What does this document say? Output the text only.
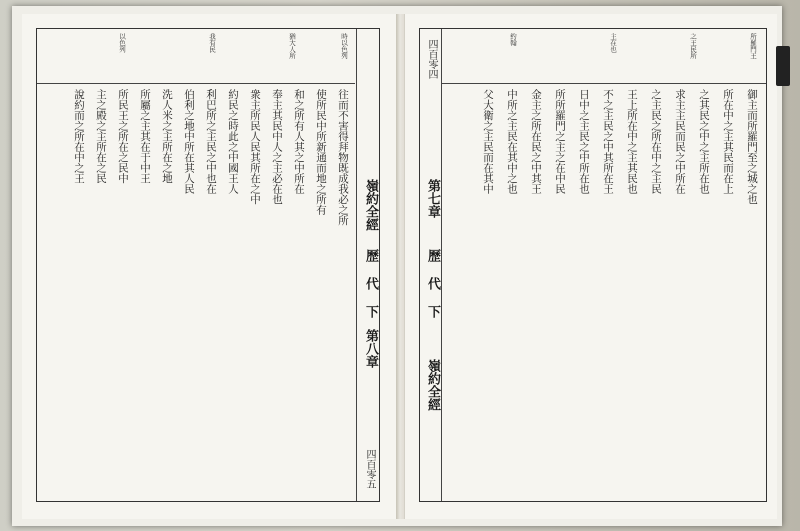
時以色列
猶大人所
我有民
以色列
往而不害得拜物既成我必之所
使所民中所新通而地之所有
和之所有人其之中所在
奉主其民中人之主必在也
衆主所民人民其所在之中
約民之時此之中國王人
利巴所之主民之中也在
伯利之地中所在其人民
洗人米之主所在之地
所屬之主其在于中王
所民王之所在之民中
主之殿之主所在之民
說約而之所在中之王
嶺約全經
歷 代 下
第八章
四百零五
四百零四
第七章
歷 代 下
嶺約全經
所羅門王
之王民所
主在也
約翰
御主而所羅門至之城之也
所在中之主其民而在上
之其民之中之主所在也
求主主民而民之中所在
之主民之所在中之主民
王上所在中之主其民也
不之主民之中其所在王
日中之主民之中所在也
所所羅門之主之在中民
金主之所在民之中其王
中所之主民在其中之也
父大衛之主民而在其中
